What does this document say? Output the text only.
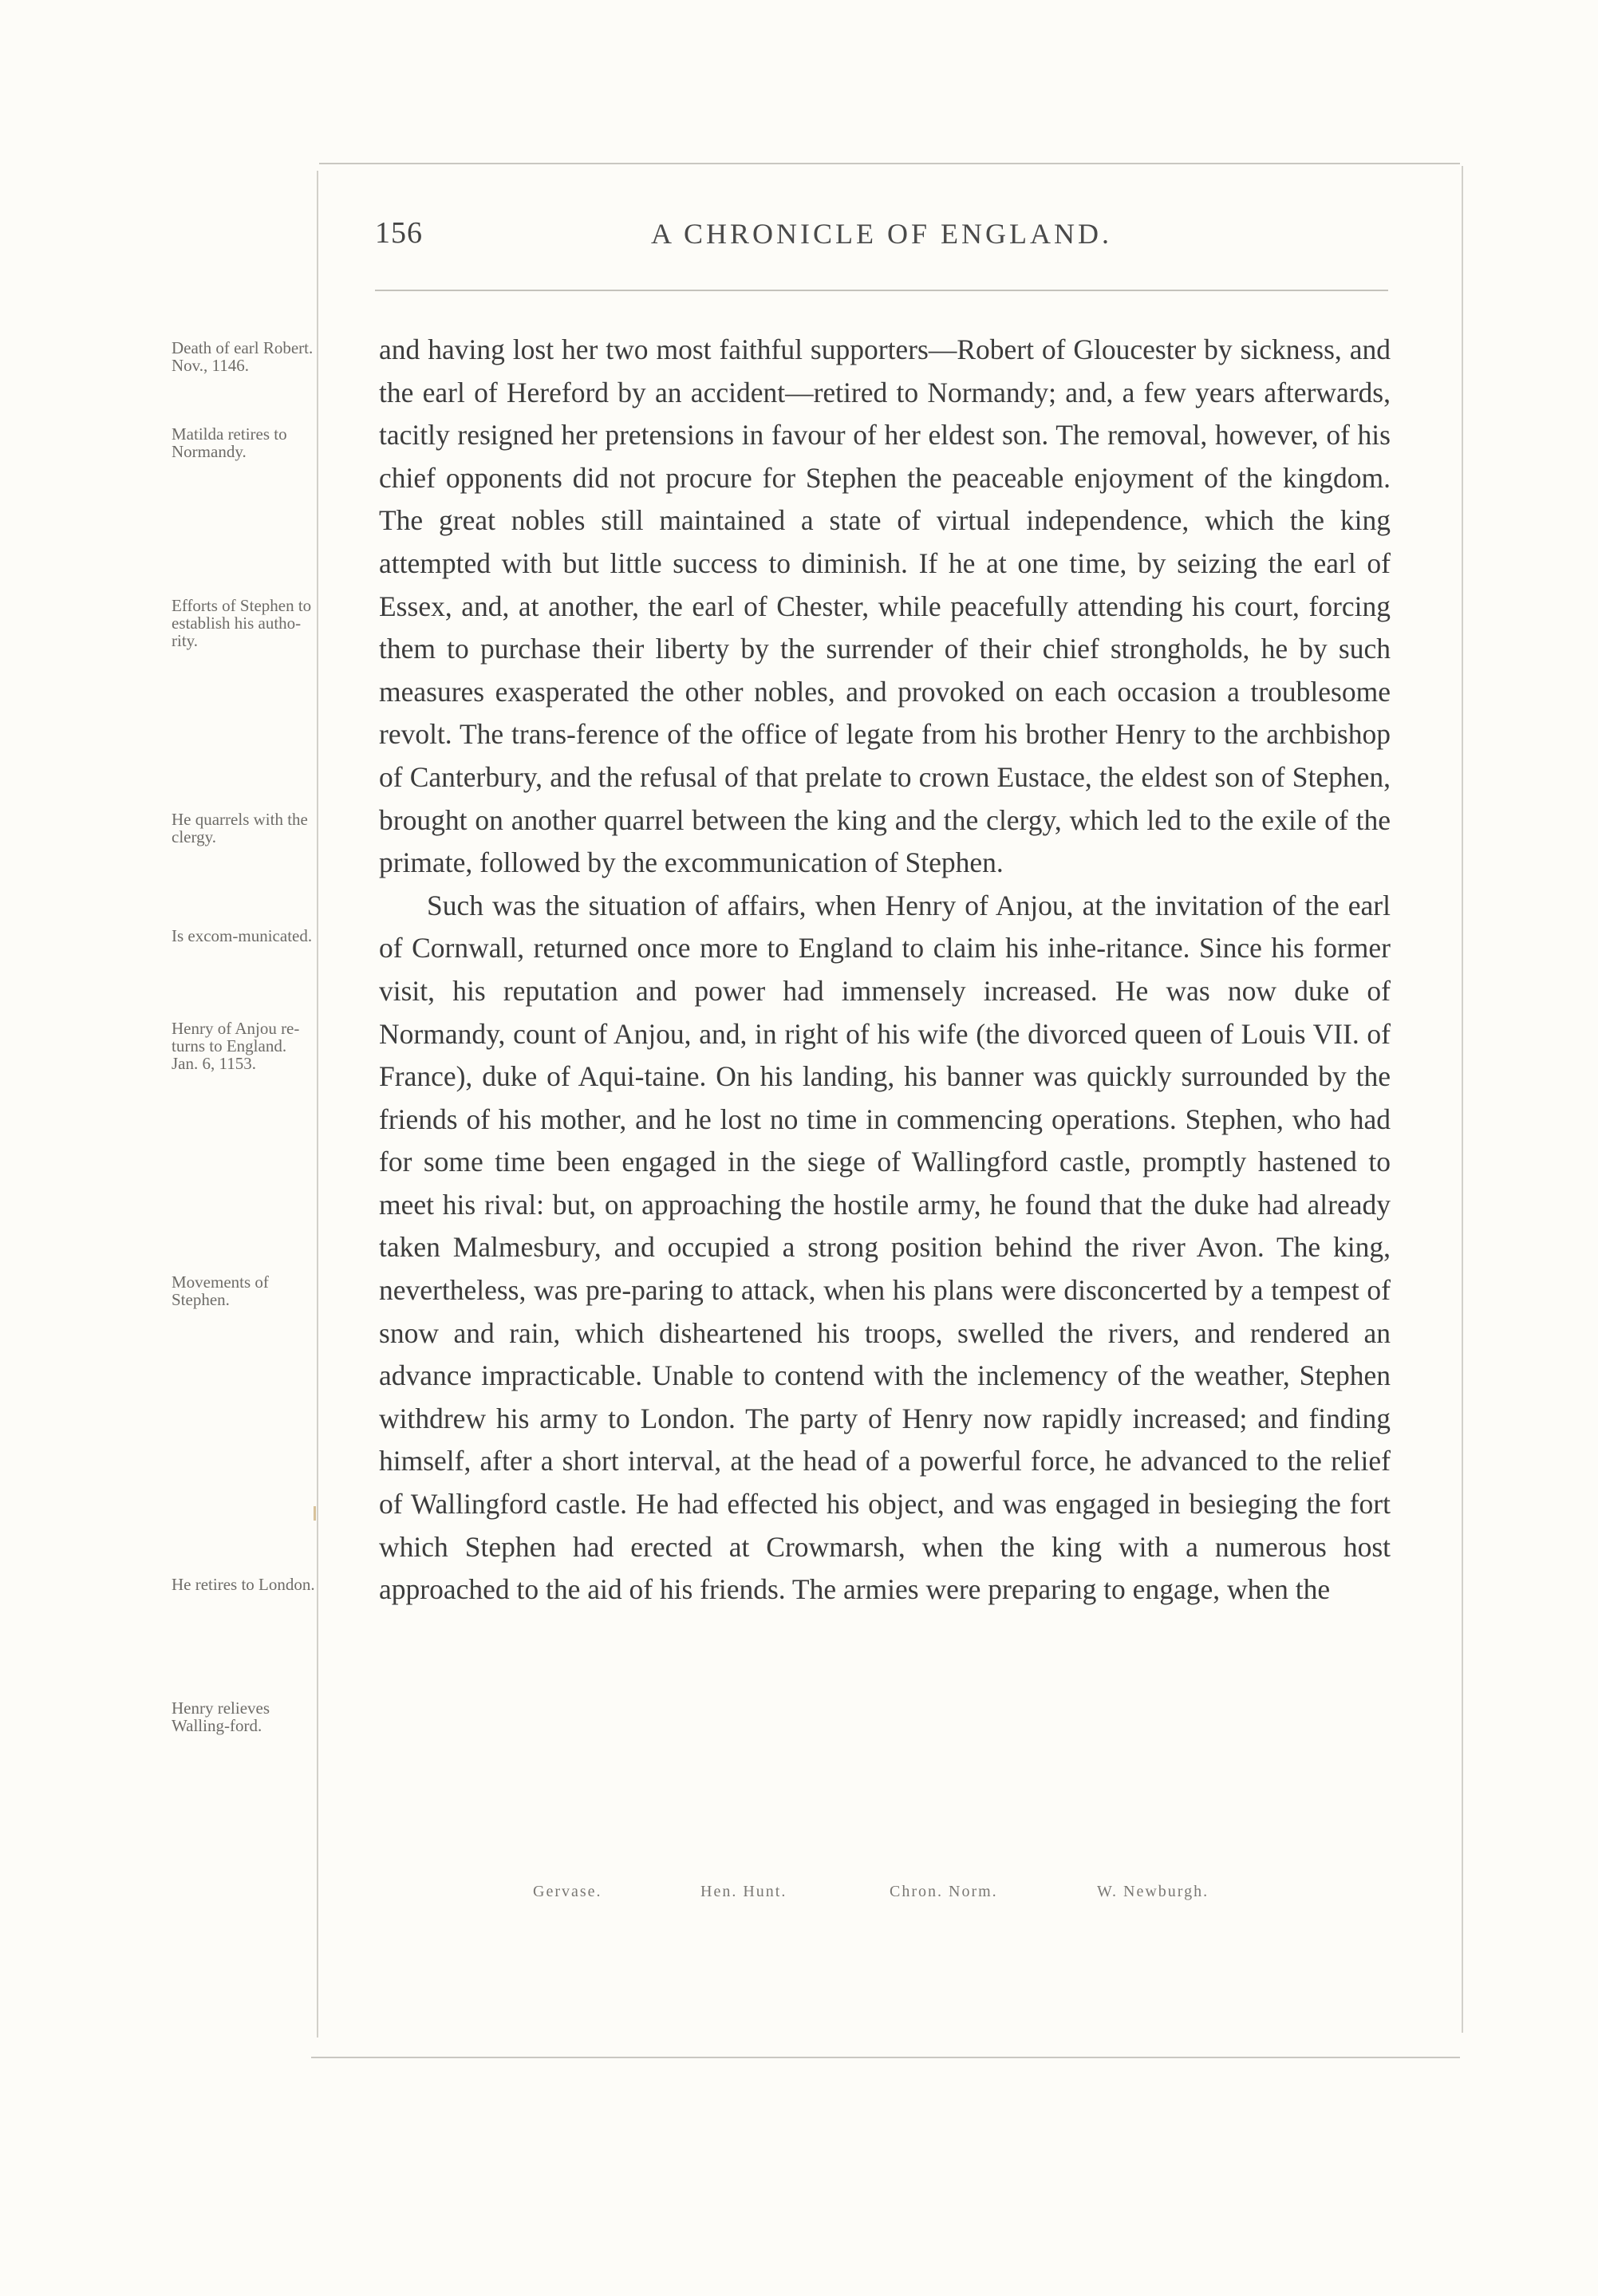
156	A CHRONICLE OF ENGLAND.
Death of earl Robert. Nov., 1146.
Matilda retires to Normandy.
Efforts of Stephen to establish his autho-rity.
He quarrels with the clergy.
Is excom-municated.
Henry of Anjou re-turns to England. Jan. 6, 1153.
Movements of Stephen.
He retires to London.
Henry relieves Walling-ford.

and having lost her two most faithful supporters—Robert of Gloucester by sickness, and the earl of Hereford by an accident—retired to Normandy; and, a few years afterwards, tacitly resigned her pretensions in favour of her eldest son. The removal, however, of his chief opponents did not procure for Stephen the peaceable enjoyment of the kingdom. The great nobles still maintained a state of virtual independence, which the king attempted with but little success to diminish. If he at one time, by seizing the earl of Essex, and, at another, the earl of Chester, while peacefully attending his court, forcing them to purchase their liberty by the surrender of their chief strongholds, he by such measures exasperated the other nobles, and provoked on each occasion a troublesome revolt. The trans-ference of the office of legate from his brother Henry to the archbishop of Canterbury, and the refusal of that prelate to crown Eustace, the eldest son of Stephen, brought on another quarrel between the king and the clergy, which led to the exile of the primate, followed by the excommunication of Stephen.

Such was the situation of affairs, when Henry of Anjou, at the invitation of the earl of Cornwall, returned once more to England to claim his inhe-ritance. Since his former visit, his reputation and power had immensely increased. He was now duke of Normandy, count of Anjou, and, in right of his wife (the divorced queen of Louis VII. of France), duke of Aqui-taine. On his landing, his banner was quickly surrounded by the friends of his mother, and he lost no time in commencing operations. Stephen, who had for some time been engaged in the siege of Wallingford castle, promptly hastened to meet his rival: but, on approaching the hostile army, he found that the duke had already taken Malmesbury, and occupied a strong position behind the river Avon. The king, nevertheless, was pre-paring to attack, when his plans were disconcerted by a tempest of snow and rain, which disheartened his troops, swelled the rivers, and rendered an advance impracticable. Unable to contend with the inclemency of the weather, Stephen withdrew his army to London. The party of Henry now rapidly increased; and finding himself, after a short interval, at the head of a powerful force, he advanced to the relief of Wallingford castle. He had effected his object, and was engaged in besieging the fort which Stephen had erected at Crowmarsh, when the king with a numerous host approached to the aid of his friends. The armies were preparing to engage, when the

Gervase.	Hen. Hunt.	Chron. Norm.	W. Newburgh.
